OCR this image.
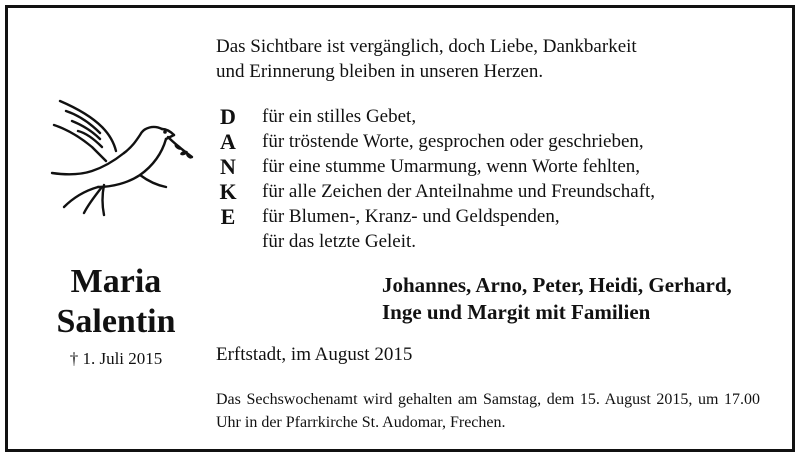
Das Sichtbare ist vergänglich, doch Liebe, Dankbarkeit
und Erinnerung bleiben in unseren Herzen.
D
A
N
K
E
für ein stilles Gebet,
für tröstende Worte, gesprochen oder geschrieben,
für eine stumme Umarmung, wenn Worte fehlten,
für alle Zeichen der Anteilnahme und Freundschaft,
für Blumen-, Kranz- und Geldspenden,
für das letzte Geleit.
Maria
Salentin
† 1. Juli 2015
Johannes, Arno, Peter, Heidi, Gerhard,
Inge und Margit mit Familien
Erftstadt, im August 2015
Das Sechswochenamt wird gehalten am Samstag, dem 15. August 2015, um 17.00 Uhr in der Pfarrkirche St. Audomar, Frechen.
